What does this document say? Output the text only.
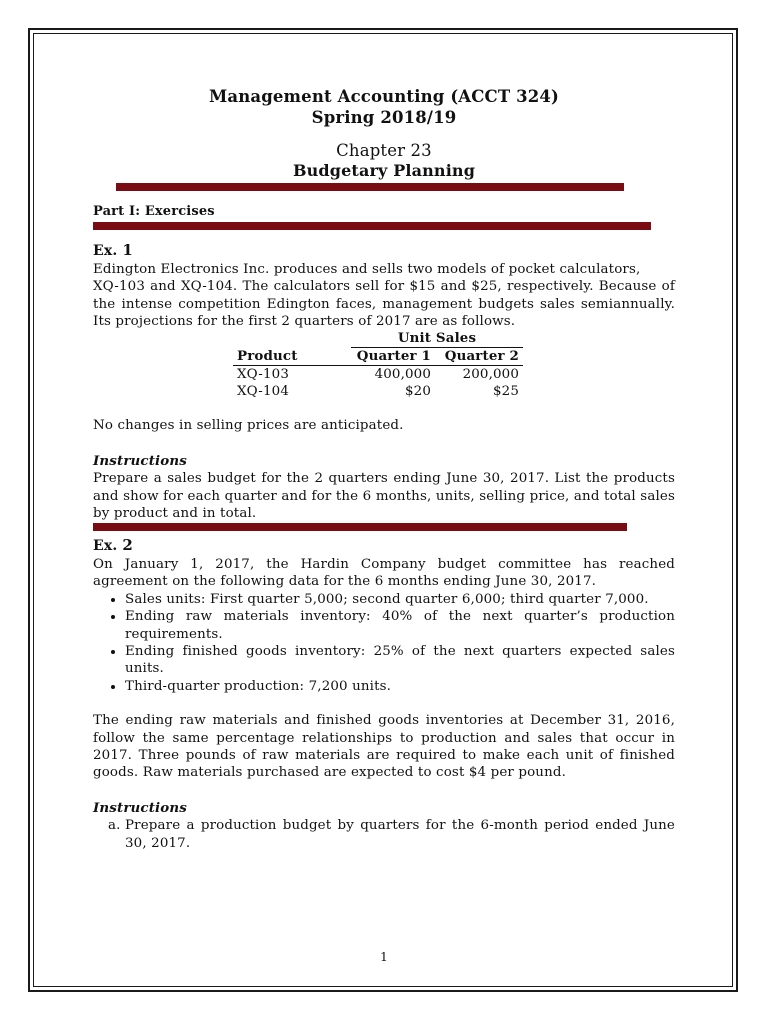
Management Accounting (ACCT 324)
Spring 2018/19
Chapter 23
Budgetary Planning
Part I: Exercises
Ex. 1

Edington Electronics Inc. produces and sells two models of pocket calculators,

XQ-103 and XQ-104. The calculators sell for $15 and $25, respectively. Because of the intense competition Edington faces, management budgets sales semiannually. Its projections for the first 2 quarters of 2017 are as follows.

	Unit Sales	
Product	Quarter 1	Quarter 2
XQ-103	400,000	200,000
XQ-104	$20	$25

No changes in selling prices are anticipated.

Instructions

Prepare a sales budget for the 2 quarters ending June 30, 2017. List the products and show for each quarter and for the 6 months, units, selling price, and total sales by product and in total.

Ex. 2

On January 1, 2017, the Hardin Company budget committee has reached agreement on the following data for the 6 months ending June 30, 2017.

• Sales units: First quarter 5,000; second quarter 6,000; third quarter 7,000.
• Ending raw materials inventory: 40% of the next quarter’s production requirements.
• Ending finished goods inventory: 25% of the next quarters expected sales units.
• Third-quarter production: 7,200 units.

The ending raw materials and finished goods inventories at December 31, 2016, follow the same percentage relationships to production and sales that occur in 2017. Three pounds of raw materials are required to make each unit of finished goods. Raw materials purchased are expected to cost $4 per pound.

Instructions
a. Prepare a production budget by quarters for the 6-month period ended June 30, 2017.
1
